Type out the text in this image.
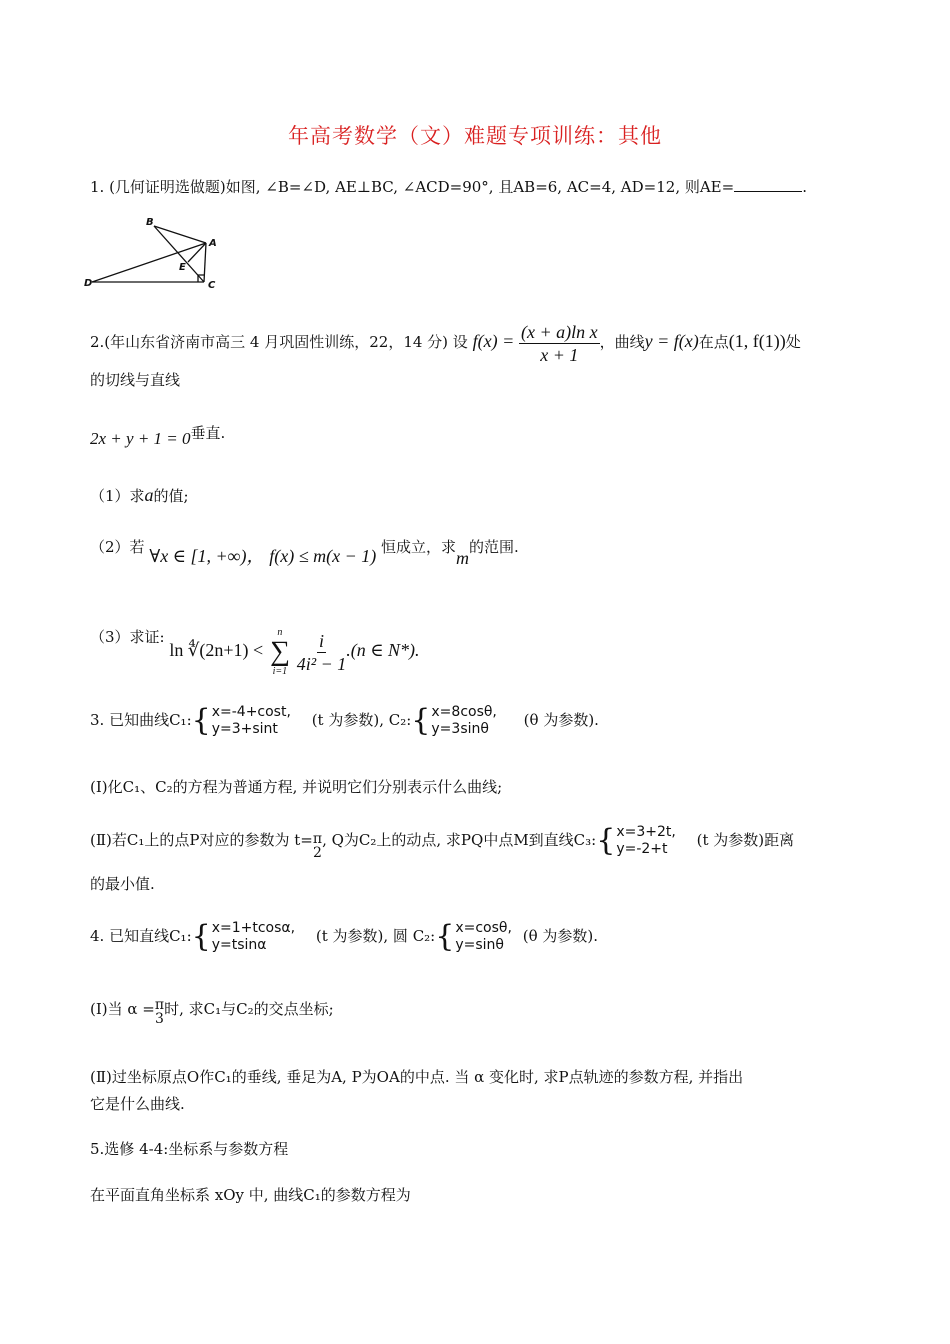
年高考数学（文）难题专项训练：其他
1. (几何证明选做题)如图, ∠B=∠D, AE⊥BC, ∠ACD=90°, 且AB=6, AC=4, AD=12, 则AE=	.
B
A
E
D	C
2.(年山东省济南市高三 4 月巩固性训练，22，14 分) 设 $f(x) = \frac{\text{(x + a)ln x}}{x + 1}$ ，曲线y = f(x)在点(1, f(1))处
的切线与直线
2x + y + 1 = 0垂直.
（1）求a的值;
（2）若 ∀x ∈ [1, +∞)， f(x) ≤ m(x − 1) 恒成立，求m的范围.
（3）求证: ln ∜(2n+1) <
n
∑
i=1
$\frac{i}{\text{4i² − 1}} .(n$ ∈ N*).
3. 已知曲线C₁: { x=-4+cost,
y=3+sint	(t 为参数), C₂: { x=8cosθ,
y=3sinθ	(θ 为参数).
(Ⅰ)化C₁、C₂的方程为普通方程, 并说明它们分别表示什么曲线;
(Ⅱ)若C₁上的点P对应的参数为 t= π
2
, Q为C₂上的动点, 求PQ中点M到直线C₃: { x=3+2t,
y=-2+t	(t 为参数)距离
的最小值.
4. 已知直线C₁: { x=1+tcosα,
y=tsinα	(t 为参数), 圆 C₂: { x=cosθ,
y=sinθ	(θ 为参数).
(Ⅰ)当 α = π
3
时, 求C₁与C₂的交点坐标;
(Ⅱ)过坐标原点O作C₁的垂线, 垂足为A, P为OA的中点. 当 α 变化时, 求P点轨迹的参数方程, 并指出
它是什么曲线.
5.选修 4-4:坐标系与参数方程
在平面直角坐标系 xOy 中, 曲线C₁的参数方程为
